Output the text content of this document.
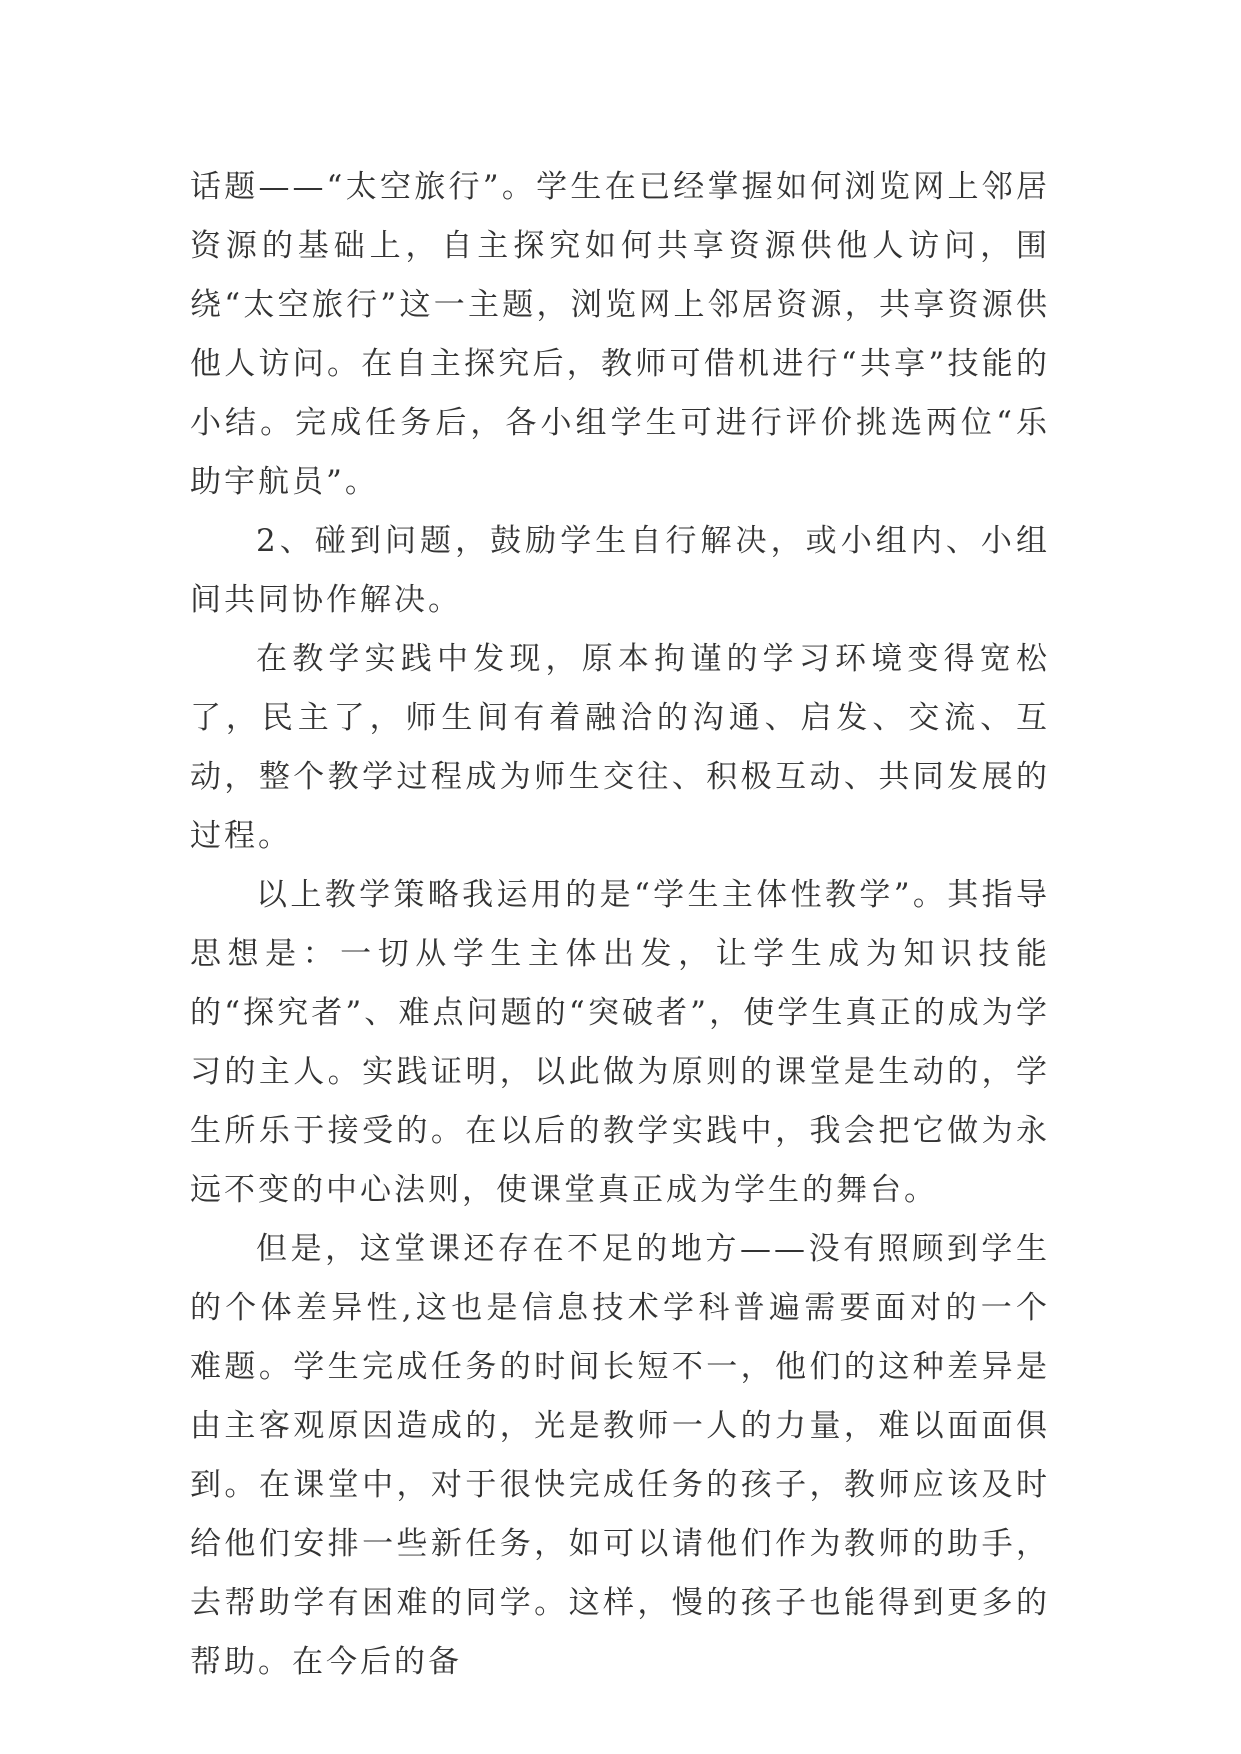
话题——“太空旅行”。学生在已经掌握如何浏览网上邻居资源的基础上，自主探究如何共享资源供他人访问，围绕“太空旅行”这一主题，浏览网上邻居资源，共享资源供他人访问。在自主探究后，教师可借机进行“共享”技能的小结。完成任务后，各小组学生可进行评价挑选两位“乐助宇航员”。

2、碰到问题，鼓励学生自行解决，或小组内、小组间共同协作解决。

在教学实践中发现，原本拘谨的学习环境变得宽松了，民主了，师生间有着融洽的沟通、启发、交流、互动，整个教学过程成为师生交往、积极互动、共同发展的过程。

以上教学策略我运用的是“学生主体性教学”。其指导思想是：一切从学生主体出发，让学生成为知识技能的“探究者”、难点问题的“突破者”，使学生真正的成为学习的主人。实践证明，以此做为原则的课堂是生动的，学生所乐于接受的。在以后的教学实践中，我会把它做为永远不变的中心法则，使课堂真正成为学生的舞台。

但是，这堂课还存在不足的地方——没有照顾到学生的个体差异性,这也是信息技术学科普遍需要面对的一个难题。学生完成任务的时间长短不一，他们的这种差异是由主客观原因造成的，光是教师一人的力量，难以面面俱到。在课堂中，对于很快完成任务的孩子，教师应该及时给他们安排一些新任务，如可以请他们作为教师的助手，去帮助学有困难的同学。这样，慢的孩子也能得到更多的帮助。在今后的备
